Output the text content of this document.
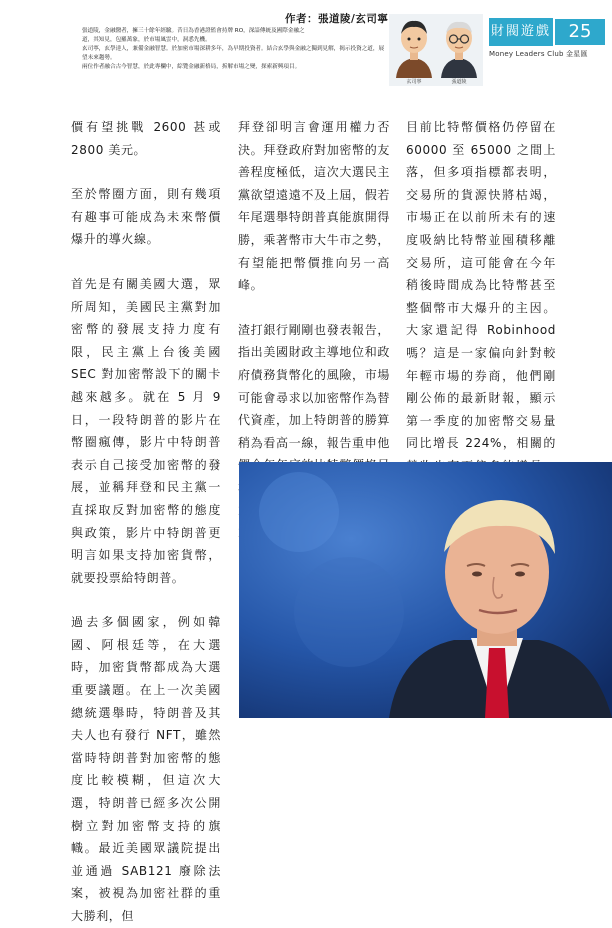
作者：張道陵/玄司寧

張道陵，金融醫者，擁三十餘年經驗。昔日為香港證監會持牌 RO，深諳傳統及國際金融之

道，其知見，包羅萬象，於市場風雲中，洞悉先機。

玄司寧，玄學達人，兼備金融智慧。於加密市場深耕多年，為早期投資者。結合玄學與金融之獨到見解，揭示投資之道，展望未來趨勢。

兩位作者融合古今智慧，於此專欄中，綜覽金融新格局，拆解市場之變，探索新興項目。

玄司寧	張道陵
財閥遊戲 25
Money Leaders Club 金星匯

價有望挑戰 2600 甚或 2800 美元。

至於幣圈方面，則有幾項有趣事可能成為未來幣價爆升的導火線。

首先是有關美國大選，眾所周知，美國民主黨對加密幣的發展支持力度有限，民主黨上台後美國 SEC 對加密幣設下的關卡越來越多。就在 5 月 9 日，一段特朗普的影片在幣圈瘋傳，影片中特朗普表示自己接受加密幣的發展，並稱拜登和民主黨一直採取反對加密幣的態度與政策，影片中特朗普更明言如果支持加密貨幣，就要投票給特朗普。

過去多個國家，例如韓國、阿根廷等，在大選時，加密貨幣都成為大選重要議題。在上一次美國總統選舉時，特朗普及其夫人也有發行 NFT，雖然當時特朗普對加密幣的態度比較模糊，但這次大選，特朗普已經多次公開樹立對加密幣支持的旗幟。最近美國眾議院提出並通過 SAB121 廢除法案，被視為加密社群的重大勝利，但

拜登卻明言會運用權力否決。拜登政府對加密幣的友善程度極低，這次大選民主黨欲望遠遠不及上屆，假若年尾選舉特朗普真能旗開得勝，乘著幣市大牛市之勢，有望能把幣價推向另一高峰。

渣打銀行剛剛也發表報告，指出美國財政主導地位和政府債務貨幣化的風險，市場可能會尋求以加密幣作為替代資產，加上特朗普的勝算稍為看高一線，報告重申他

目前比特幣價格仍停留在 60000 至 65000 之間上落，但多項指標都表明，交易所的貨源快將枯竭，市場正在以前所未有的速度吸納比特幣並囤積移離交易所，這可能會在今年稍後時間成為比特幣甚至整個幣市大爆升的主因。大家還記得 Robinhood 嗎？這是一家偏向針對較年輕市場的券商，他們剛剛公佈的最新財報，顯示第一季度的加密幣交易量同比增長 224%，相關的
